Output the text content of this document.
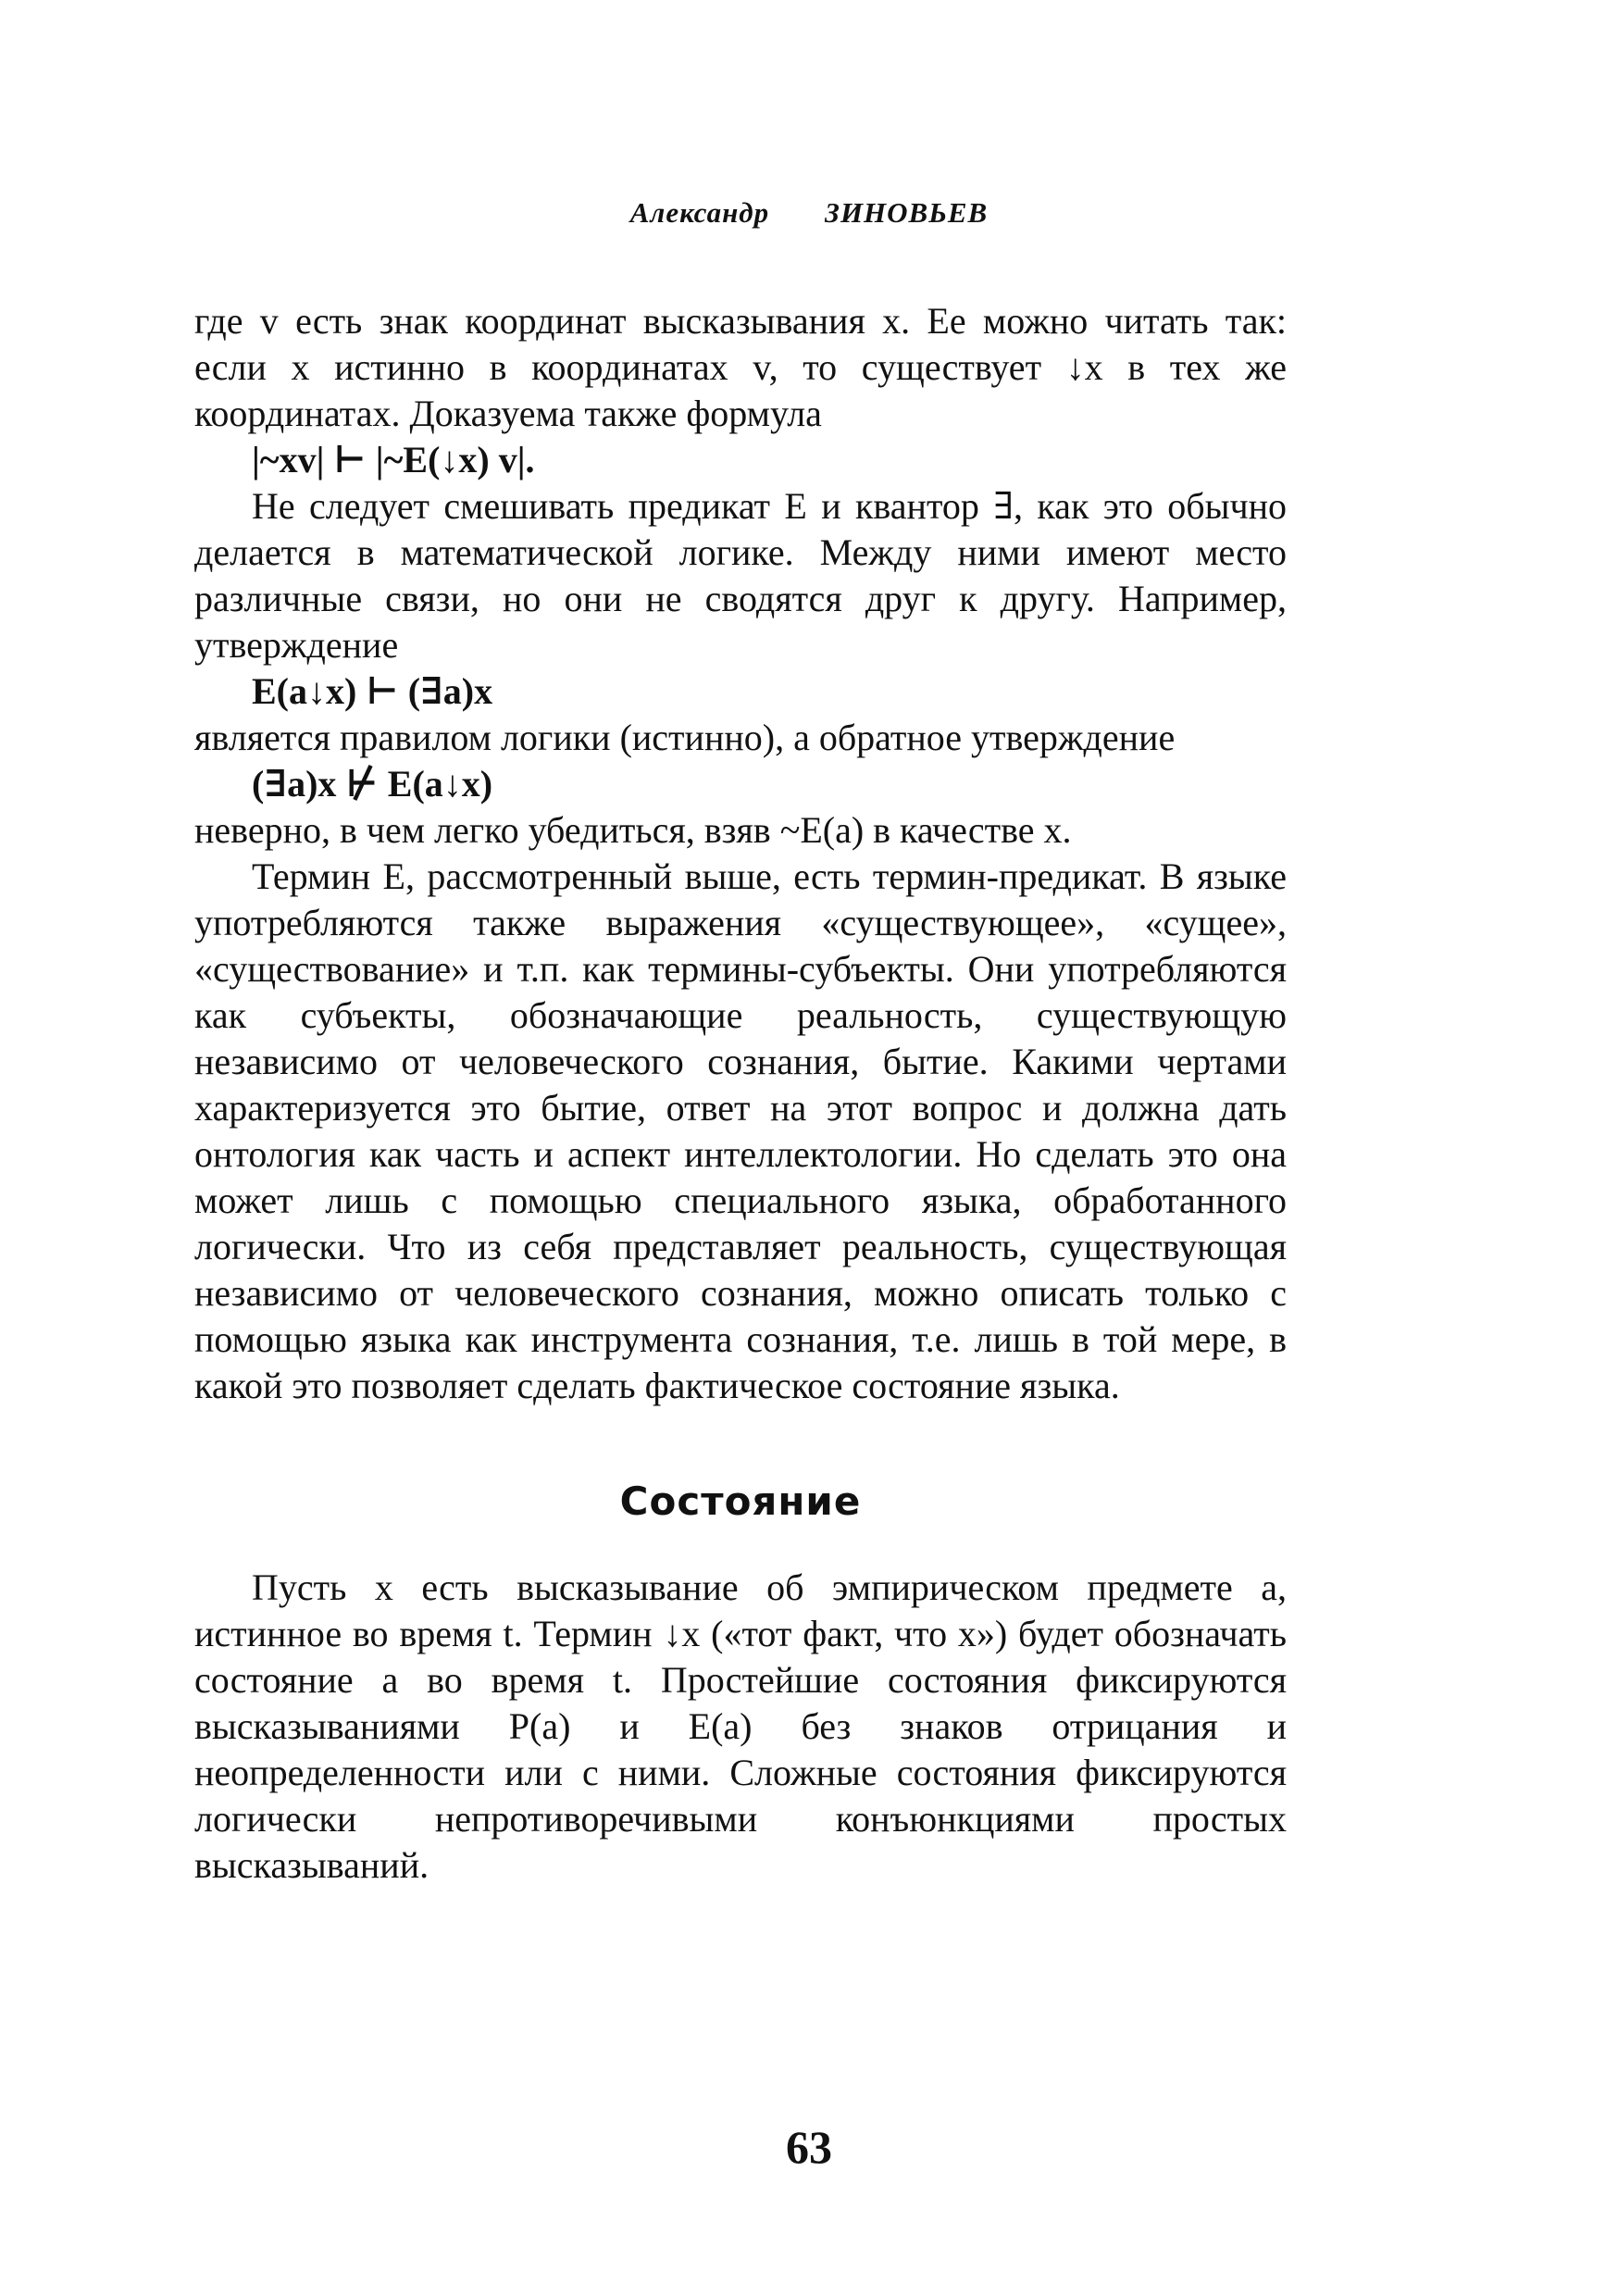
Александр ЗИНОВЬЕВ

где v есть знак координат высказывания x. Ее можно читать так: если x истинно в координатах v, то существует ↓x в тех же координатах. Доказуема также формула

|~xv| ⊢ |~E(↓x) v|.

Не следует смешивать предикат E и квантор ∃, как это обычно делается в математической логике. Между ними имеют место различные связи, но они не сводятся друг к другу. Например, утверждение

E(a↓x) ⊢ (∃a)x

является правилом логики (истинно), а обратное утверждение

(∃a)x ⊬ E(a↓x)

неверно, в чем легко убедиться, взяв ~E(a) в качестве x.

Термин E, рассмотренный выше, есть термин-предикат. В языке употребляются также выражения «существующее», «сущее», «существование» и т.п. как термины-субъекты. Они употребляются как субъекты, обозначающие реальность, существующую независимо от человеческого сознания, бытие. Какими чертами характеризуется это бытие, ответ на этот вопрос и должна дать онтология как часть и аспект интеллектологии. Но сделать это она может лишь с помощью специального языка, обработанного логически. Что из себя представляет реальность, существующая независимо от человеческого сознания, можно описать только с помощью языка как инструмента сознания, т.е. лишь в той мере, в какой это позволяет сделать фактическое состояние языка.

Состояние

Пусть x есть высказывание об эмпирическом предмете a, истинное во время t. Термин ↓x («тот факт, что x») будет обозначать состояние a во время t. Простейшие состояния фиксируются высказываниями P(a) и E(a) без знаков отрицания и неопределенности или с ними. Сложные состояния фиксируются логически непротиворечивыми конъюнкциями простых высказываний.

63
